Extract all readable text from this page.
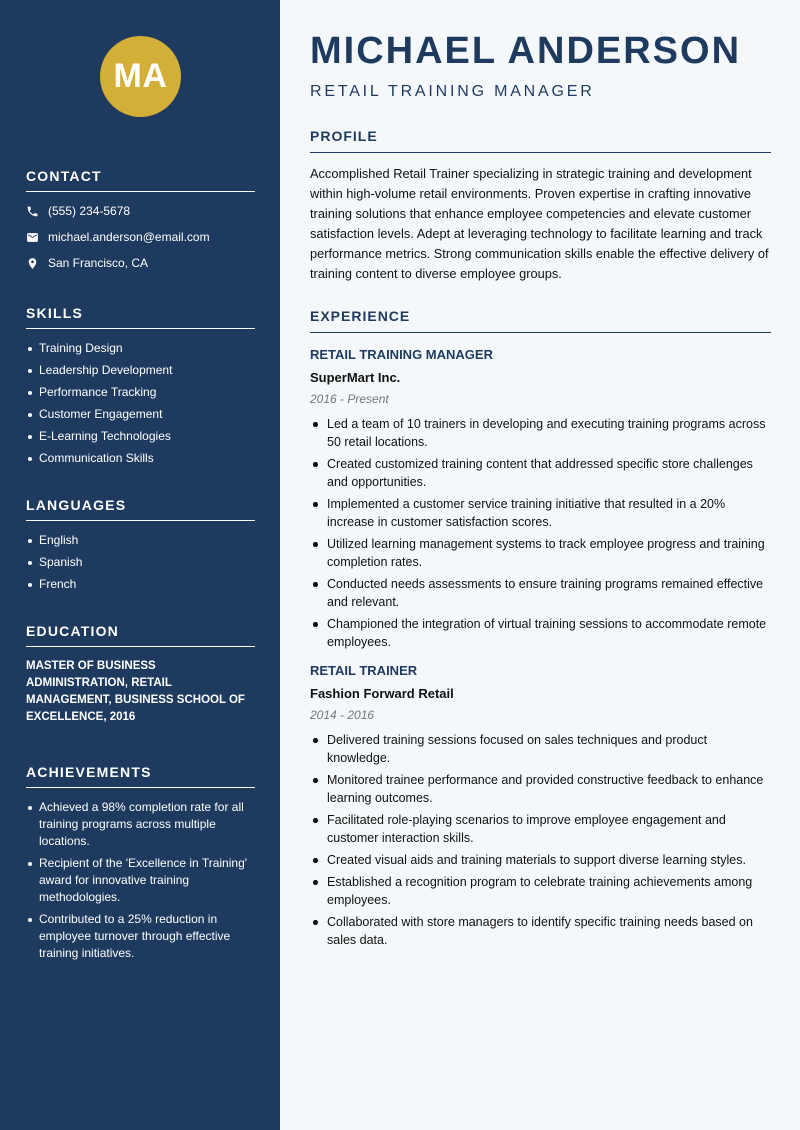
MA
CONTACT
(555) 234-5678
michael.anderson@email.com
San Francisco, CA
SKILLS
Training Design
Leadership Development
Performance Tracking
Customer Engagement
E-Learning Technologies
Communication Skills
LANGUAGES
English
Spanish
French
EDUCATION
MASTER OF BUSINESS ADMINISTRATION, RETAIL MANAGEMENT, BUSINESS SCHOOL OF EXCELLENCE, 2016
ACHIEVEMENTS
Achieved a 98% completion rate for all training programs across multiple locations.
Recipient of the 'Excellence in Training' award for innovative training methodologies.
Contributed to a 25% reduction in employee turnover through effective training initiatives.
MICHAEL ANDERSON
RETAIL TRAINING MANAGER
PROFILE
Accomplished Retail Trainer specializing in strategic training and development within high-volume retail environments. Proven expertise in crafting innovative training solutions that enhance employee competencies and elevate customer satisfaction levels. Adept at leveraging technology to facilitate learning and track performance metrics. Strong communication skills enable the effective delivery of training content to diverse employee groups.
EXPERIENCE
RETAIL TRAINING MANAGER
SuperMart Inc.
2016 - Present
Led a team of 10 trainers in developing and executing training programs across 50 retail locations.
Created customized training content that addressed specific store challenges and opportunities.
Implemented a customer service training initiative that resulted in a 20% increase in customer satisfaction scores.
Utilized learning management systems to track employee progress and training completion rates.
Conducted needs assessments to ensure training programs remained effective and relevant.
Championed the integration of virtual training sessions to accommodate remote employees.
RETAIL TRAINER
Fashion Forward Retail
2014 - 2016
Delivered training sessions focused on sales techniques and product knowledge.
Monitored trainee performance and provided constructive feedback to enhance learning outcomes.
Facilitated role-playing scenarios to improve employee engagement and customer interaction skills.
Created visual aids and training materials to support diverse learning styles.
Established a recognition program to celebrate training achievements among employees.
Collaborated with store managers to identify specific training needs based on sales data.
